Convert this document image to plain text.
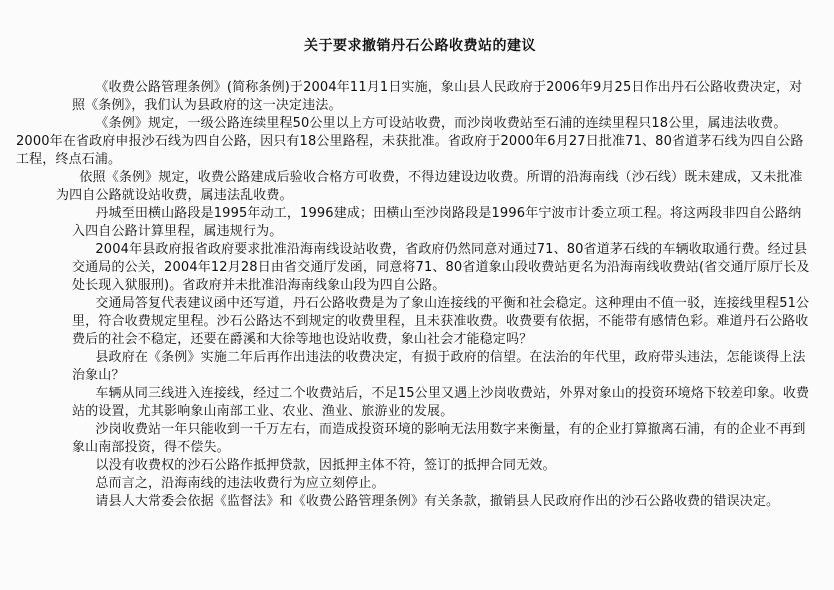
关于要求撤销丹石公路收费站的建议

《收费公路管理条例》(简称条例)于2004年11月1日实施，象山县人民政府于2006年9月25日作出丹石公路收费决定，对照《条例》，我们认为县政府的这一决定违法。

《条例》规定，一级公路连续里程50公里以上方可设站收费，而沙岗收费站至石浦的连续里程只18公里，属违法收费。

2000年在省政府申报沙石线为四自公路，因只有18公里路程，未获批准。省政府于2000年6月27日批准71、80省道茅石线为四自公路工程，终点石浦。

依照《条例》规定，收费公路建成后验收合格方可收费，不得边建设边收费。所谓的沿海南线（沙石线）既未建成，又未批准为四自公路就设站收费，属违法乱收费。

丹城至田横山路段是1995年动工，1996建成；田横山至沙岗路段是1996年宁波市计委立项工程。将这两段非四自公路纳入四自公路计算里程，属违规行为。

2004年县政府报省政府要求批准沿海南线设站收费，省政府仍然同意对通过71、80省道茅石线的车辆收取通行费。经过县交通局的公关，2004年12月28日由省交通厅发函，同意将71、80省道象山段收费站更名为沿海南线收费站(省交通厅原厅长及处长现入狱服刑)。省政府并未批准沿海南线象山段为四自公路。

交通局答复代表建议函中还写道，丹石公路收费是为了象山连接线的平衡和社会稳定。这种理由不值一驳，连接线里程51公里，符合收费规定里程。沙石公路达不到规定的收费里程，且未获准收费。收费要有依据，不能带有感情色彩。难道丹石公路收费后的社会不稳定，还要在爵溪和大徐等地也设站收费，象山社会才能稳定吗？

县政府在《条例》实施二年后再作出违法的收费决定，有损于政府的信望。在法治的年代里，政府带头违法，怎能谈得上法治象山？

车辆从同三线进入连接线，经过二个收费站后，不足15公里又遇上沙岗收费站，外界对象山的投资环境烙下较差印象。收费站的设置，尤其影响象山南部工业、农业、渔业、旅游业的发展。

沙岗收费站一年只能收到一千万左右，而造成投资环境的影响无法用数字来衡量，有的企业打算撤离石浦，有的企业不再到象山南部投资，得不偿失。

以没有收费权的沙石公路作抵押贷款，因抵押主体不符，签订的抵押合同无效。

总而言之，沿海南线的违法收费行为应立刻停止。

请县人大常委会依据《监督法》和《收费公路管理条例》有关条款，撤销县人民政府作出的沙石公路收费的错误决定。
